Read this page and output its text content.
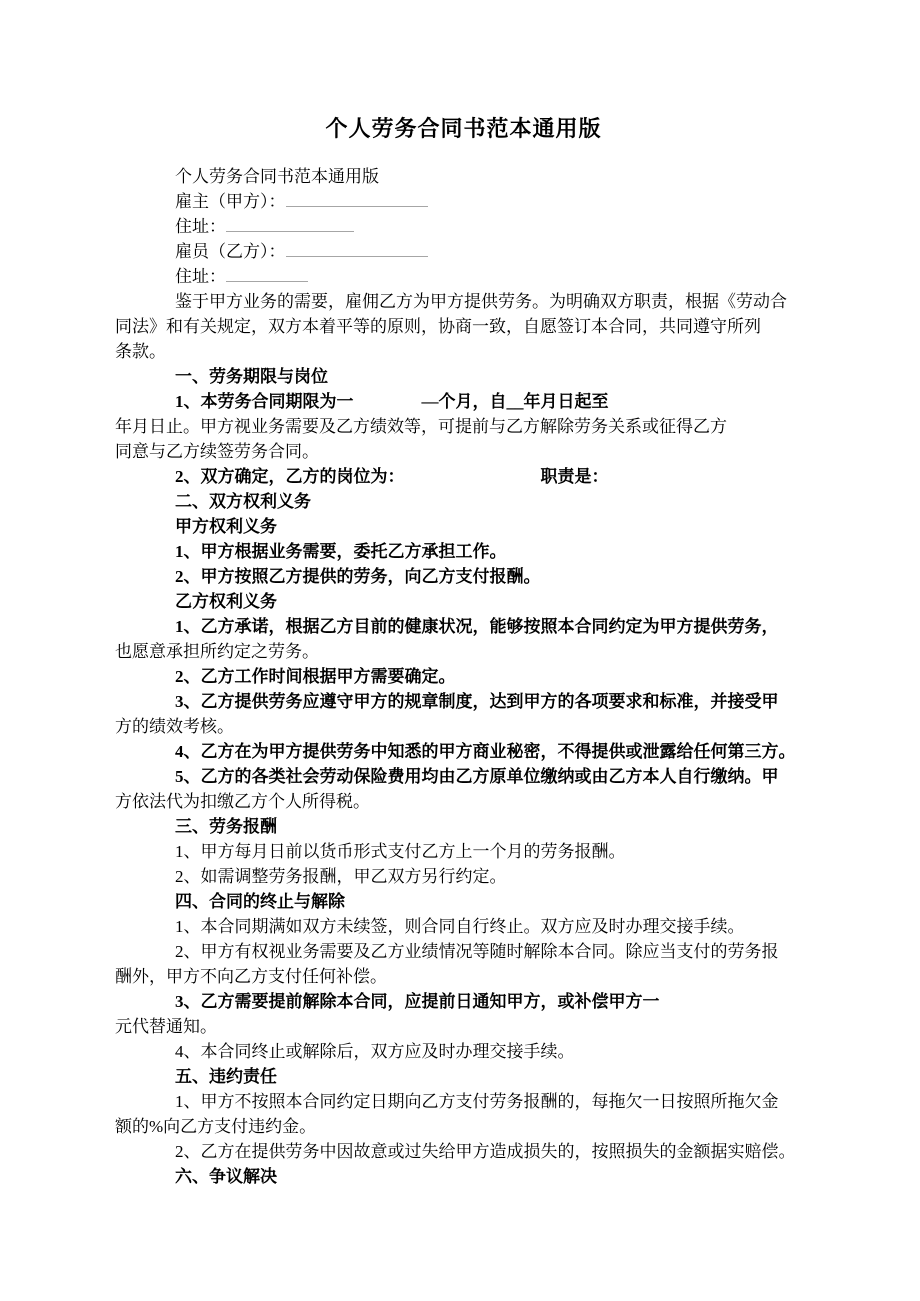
个人劳务合同书范本通用版
个人劳务合同书范本通用版
雇主（甲方）：
住址：
雇员（乙方）：
住址：
鉴于甲方业务的需要，雇佣乙方为甲方提供劳务。为明确双方职责，根据《劳动合
同法》和有关规定，双方本着平等的原则，协商一致，自愿签订本合同，共同遵守所列
条款。
一、劳务期限与岗位
1、本劳务合同期限为一                —个月，自__年月日起至
年月日止。甲方视业务需要及乙方绩效等，可提前与乙方解除劳务关系或征得乙方
同意与乙方续签劳务合同。
2、双方确定，乙方的岗位为：                                职责是：
二、双方权利义务
甲方权利义务
1、甲方根据业务需要，委托乙方承担工作。
2、甲方按照乙方提供的劳务，向乙方支付报酬。
乙方权利义务
1、乙方承诺，根据乙方目前的健康状况，能够按照本合同约定为甲方提供劳务，
也愿意承担所约定之劳务。
2、乙方工作时间根据甲方需要确定。
3、乙方提供劳务应遵守甲方的规章制度，达到甲方的各项要求和标准，并接受甲
方的绩效考核。
4、乙方在为甲方提供劳务中知悉的甲方商业秘密，不得提供或泄露给任何第三方。
5、乙方的各类社会劳动保险费用均由乙方原单位缴纳或由乙方本人自行缴纳。甲
方依法代为扣缴乙方个人所得税。
三、劳务报酬
1、甲方每月日前以货币形式支付乙方上一个月的劳务报酬。
2、如需调整劳务报酬，甲乙双方另行约定。
四、合同的终止与解除
1、本合同期满如双方未续签，则合同自行终止。双方应及时办理交接手续。
2、甲方有权视业务需要及乙方业绩情况等随时解除本合同。除应当支付的劳务报
酬外，甲方不向乙方支付任何补偿。
3、乙方需要提前解除本合同，应提前日通知甲方，或补偿甲方一
元代替通知。
4、本合同终止或解除后，双方应及时办理交接手续。
五、违约责任
1、甲方不按照本合同约定日期向乙方支付劳务报酬的，每拖欠一日按照所拖欠金
额的%向乙方支付违约金。
2、乙方在提供劳务中因故意或过失给甲方造成损失的，按照损失的金额据实赔偿。
六、争议解决
